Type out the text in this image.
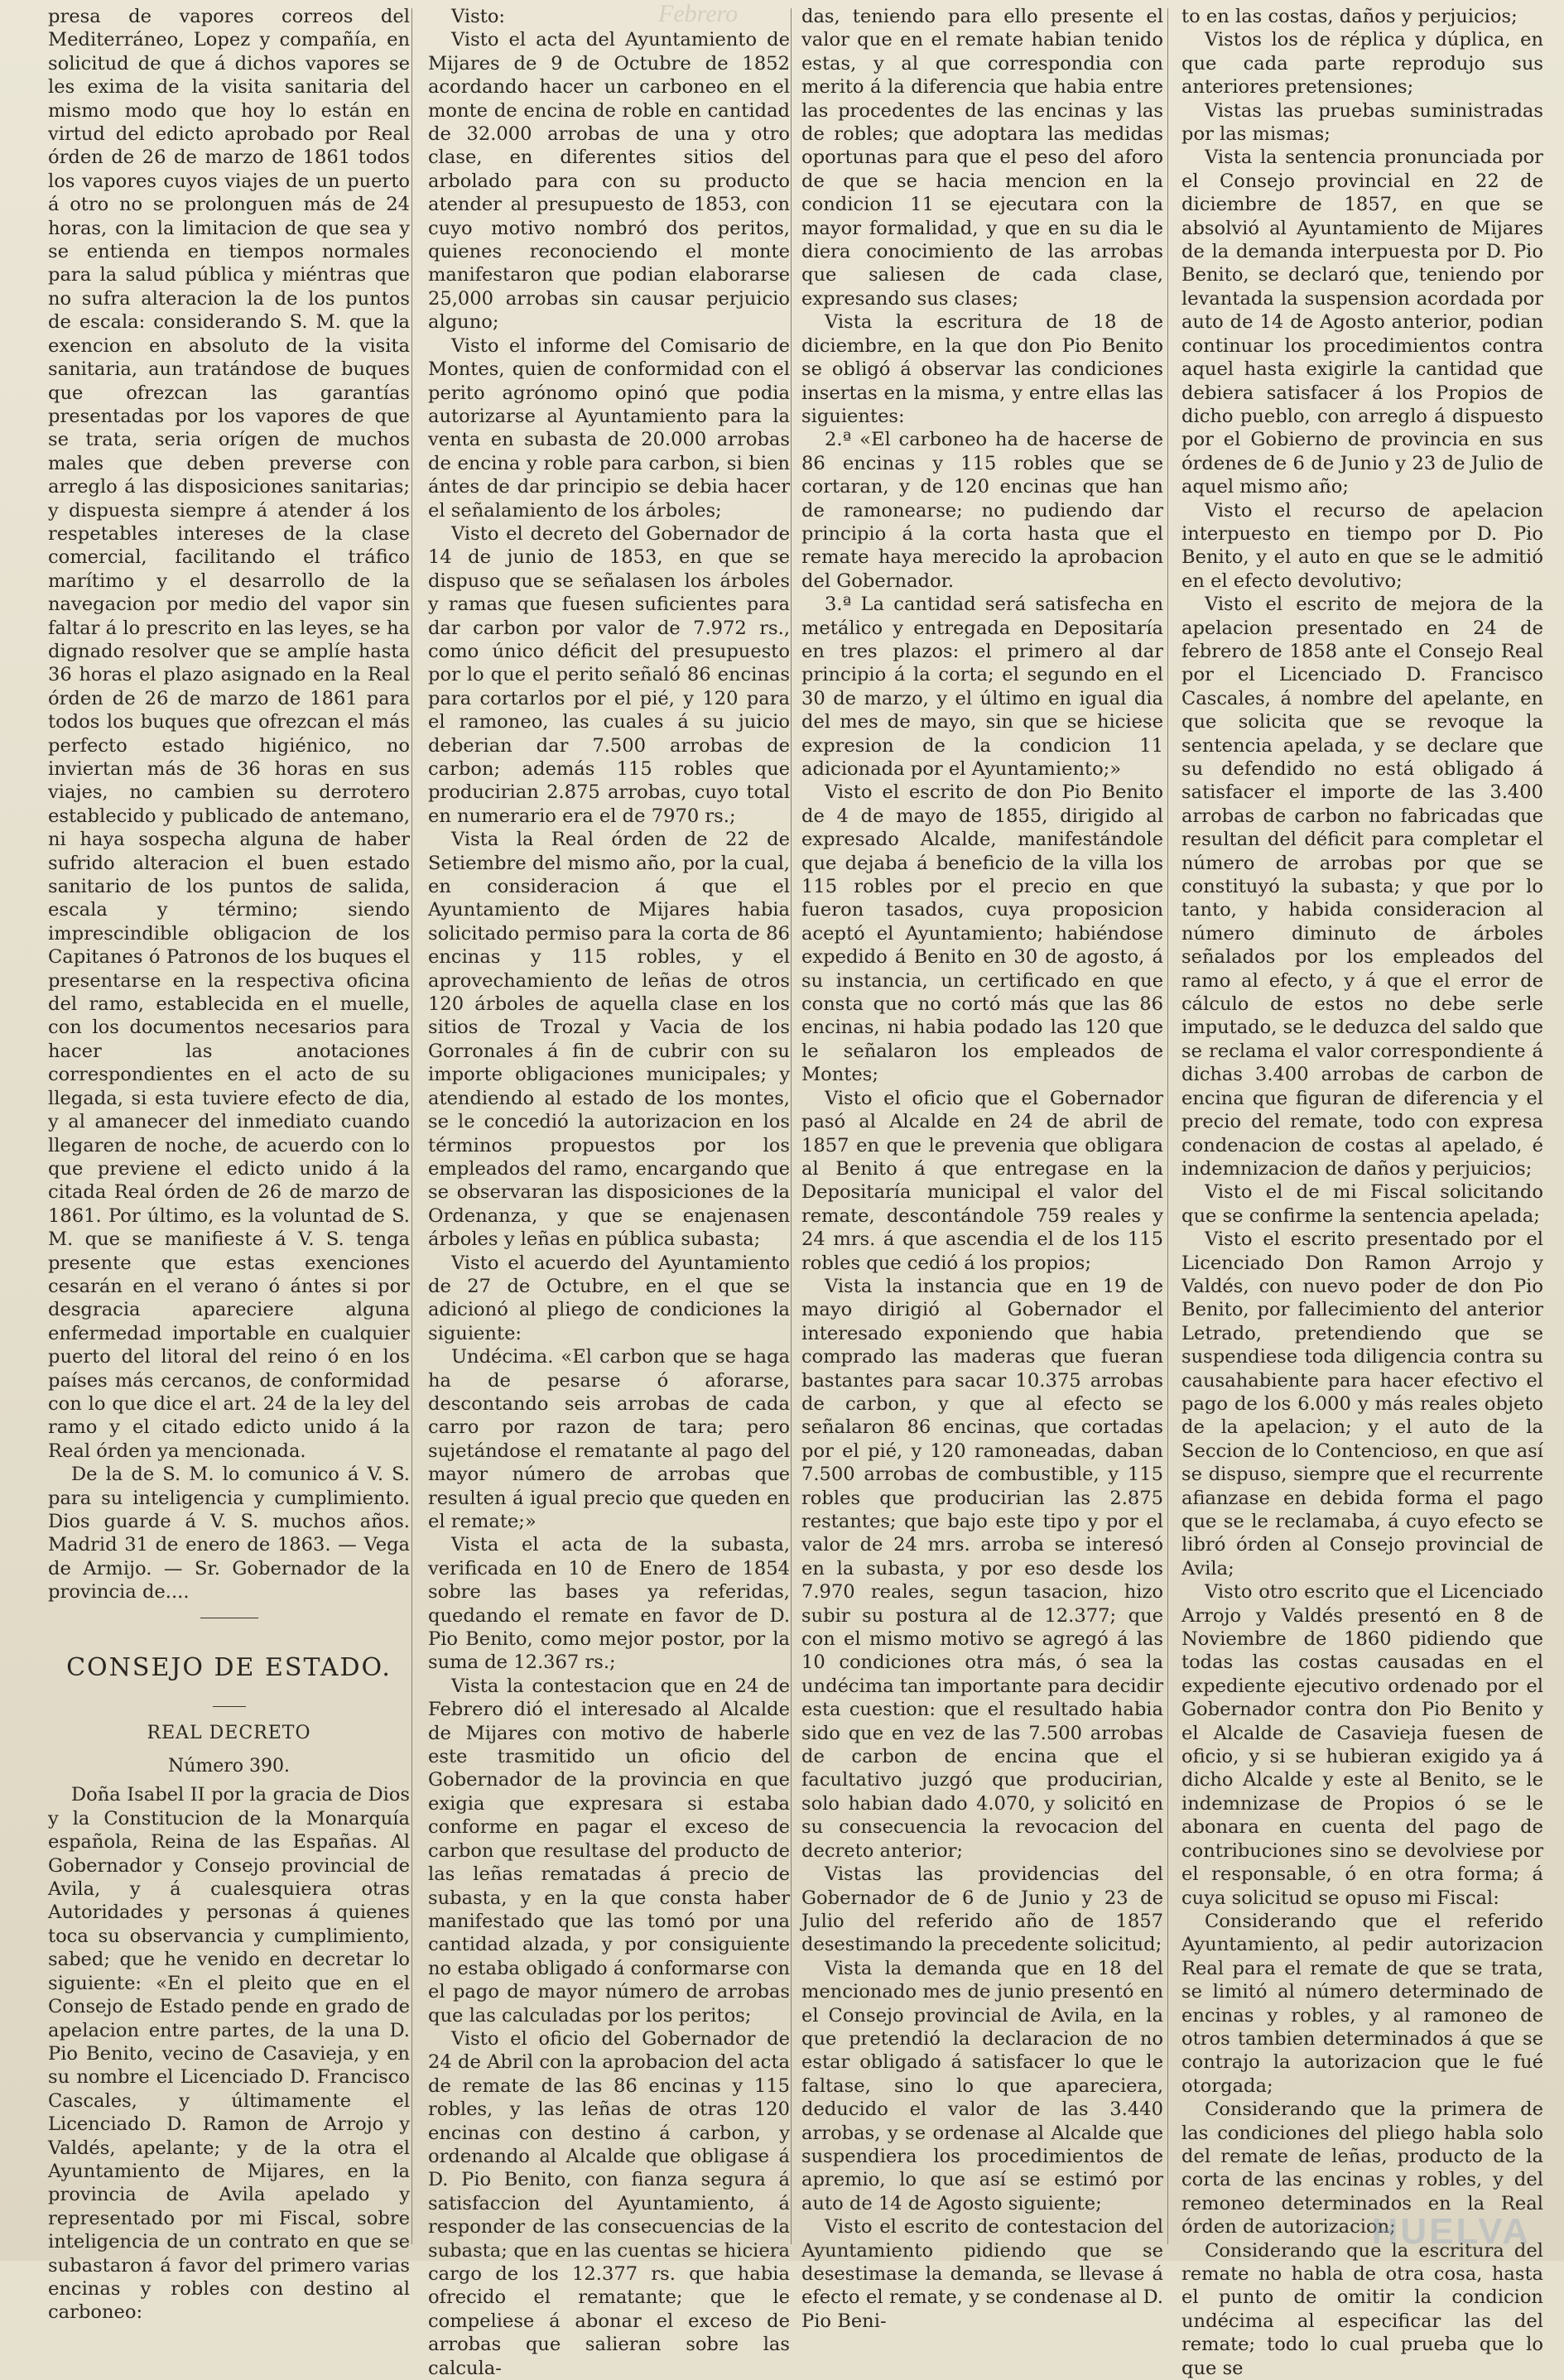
Febrero

presa de vapores correos del Mediterráneo, Lopez y compañía, en solicitud de que á dichos vapores se les exima de la visita sanitaria del mismo modo que hoy lo están en virtud del edicto aprobado por Real órden de 26 de marzo de 1861 todos los vapores cuyos viajes de un puerto á otro no se prolonguen más de 24 horas, con la limitacion de que sea y se entienda en tiempos normales para la salud pública y miéntras que no sufra alteracion la de los puntos de escala: considerando S. M. que la exencion en absoluto de la visita sanitaria, aun tratándose de buques que ofrezcan las garantías presentadas por los vapores de que se trata, seria orígen de muchos males que deben preverse con arreglo á las disposiciones sanitarias; y dispuesta siempre á atender á los respetables intereses de la clase comercial, facilitando el tráfico marítimo y el desarrollo de la navegacion por medio del vapor sin faltar á lo prescrito en las leyes, se ha dignado resolver que se amplíe hasta 36 horas el plazo asignado en la Real órden de 26 de marzo de 1861 para todos los buques que ofrezcan el más perfecto estado higiénico, no inviertan más de 36 horas en sus viajes, no cambien su derrotero establecido y publicado de antemano, ni haya sospecha alguna de haber sufrido alteracion el buen estado sanitario de los puntos de salida, escala y término; siendo imprescindible obligacion de los Capitanes ó Patronos de los buques el presentarse en la respectiva oficina del ramo, establecida en el muelle, con los documentos necesarios para hacer las anotaciones correspondientes en el acto de su llegada, si esta tuviere efecto de dia, y al amanecer del inmediato cuando llegaren de noche, de acuerdo con lo que previene el edicto unido á la citada Real órden de 26 de marzo de 1861. Por último, es la voluntad de S. M. que se manifieste á V. S. tenga presente que estas exenciones cesarán en el verano ó ántes si por desgracia apareciere alguna enfermedad importable en cualquier puerto del litoral del reino ó en los países más cercanos, de conformidad con lo que dice el art. 24 de la ley del ramo y el citado edicto unido á la Real órden ya mencionada.

De la de S. M. lo comunico á V. S. para su inteligencia y cumplimiento. Dios guarde á V. S. muchos años. Madrid 31 de enero de 1863. — Vega de Armijo. — Sr. Gobernador de la provincia de....

CONSEJO DE ESTADO.
REAL DECRETO
Número 390.

Doña Isabel II por la gracia de Dios y la Constitucion de la Monarquía española, Reina de las Españas. Al Gobernador y Consejo provincial de Avila, y á cualesquiera otras Autoridades y personas á quienes toca su observancia y cumplimiento, sabed; que he venido en decretar lo siguiente: «En el pleito que en el Consejo de Estado pende en grado de apelacion entre partes, de la una D. Pio Benito, vecino de Casavieja, y en su nombre el Licenciado D. Francisco Cascales, y últimamente el Licenciado D. Ramon de Arrojo y Valdés, apelante; y de la otra el Ayuntamiento de Mijares, en la provincia de Avila apelado y representado por mi Fiscal, sobre inteligencia de un contrato en que se subastaron á favor del primero varias encinas y robles con destino al carboneo:

Visto:

Visto el acta del Ayuntamiento de Mijares de 9 de Octubre de 1852 acordando hacer un carboneo en el monte de encina de roble en cantidad de 32.000 arrobas de una y otro clase, en diferentes sitios del arbolado para con su producto atender al presupuesto de 1853, con cuyo motivo nombró dos peritos, quienes reconociendo el monte manifestaron que podian elaborarse 25,000 arrobas sin causar perjuicio alguno;

Visto el informe del Comisario de Montes, quien de conformidad con el perito agrónomo opinó que podia autorizarse al Ayuntamiento para la venta en subasta de 20.000 arrobas de encina y roble para carbon, si bien ántes de dar principio se debia hacer el señalamiento de los árboles;

Visto el decreto del Gobernador de 14 de junio de 1853, en que se dispuso que se señalasen los árboles y ramas que fuesen suficientes para dar carbon por valor de 7.972 rs., como único déficit del presupuesto por lo que el perito señaló 86 encinas para cortarlos por el pié, y 120 para el ramoneo, las cuales á su juicio deberian dar 7.500 arrobas de carbon; además 115 robles que producirian 2.875 arrobas, cuyo total en numerario era el de 7970 rs.;

Vista la Real órden de 22 de Setiembre del mismo año, por la cual, en consideracion á que el Ayuntamiento de Mijares habia solicitado permiso para la corta de 86 encinas y 115 robles, y el aprovechamiento de leñas de otros 120 árboles de aquella clase en los sitios de Trozal y Vacia de los Gorronales á fin de cubrir con su importe obligaciones municipales; y atendiendo al estado de los montes, se le concedió la autorizacion en los términos propuestos por los empleados del ramo, encargando que se observaran las disposiciones de la Ordenanza, y que se enajenasen árboles y leñas en pública subasta;

Visto el acuerdo del Ayuntamiento de 27 de Octubre, en el que se adicionó al pliego de condiciones la siguiente:

Undécima. «El carbon que se haga ha de pesarse ó aforarse, descontando seis arrobas de cada carro por razon de tara; pero sujetándose el rematante al pago del mayor número de arrobas que resulten á igual precio que queden en el remate;»

Vista el acta de la subasta, verificada en 10 de Enero de 1854 sobre las bases ya referidas, quedando el remate en favor de D. Pio Benito, como mejor postor, por la suma de 12.367 rs.;

Vista la contestacion que en 24 de Febrero dió el interesado al Alcalde de Mijares con motivo de haberle este trasmitido un oficio del Gobernador de la provincia en que exigia que expresara si estaba conforme en pagar el exceso de carbon que resultase del producto de las leñas rematadas á precio de subasta, y en la que consta haber manifestado que las tomó por una cantidad alzada, y por consiguiente no estaba obligado á conformarse con el pago de mayor número de arrobas que las calculadas por los peritos;

Visto el oficio del Gobernador de 24 de Abril con la aprobacion del acta de remate de las 86 encinas y 115 robles, y las leñas de otras 120 encinas con destino á carbon, y ordenando al Alcalde que obligase á D. Pio Benito, con fianza segura á satisfaccion del Ayuntamiento, á responder de las consecuencias de la subasta; que en las cuentas se hiciera cargo de los 12.377 rs. que habia ofrecido el rematante; que le compeliese á abonar el exceso de arrobas que salieran sobre las calcula-

das, teniendo para ello presente el valor que en el remate habian tenido estas, y al que correspondia con merito á la diferencia que habia entre las procedentes de las encinas y las de robles; que adoptara las medidas oportunas para que el peso del aforo de que se hacia mencion en la condicion 11 se ejecutara con la mayor formalidad, y que en su dia le diera conocimiento de las arrobas que saliesen de cada clase, expresando sus clases;

Vista la escritura de 18 de diciembre, en la que don Pio Benito se obligó á observar las condiciones insertas en la misma, y entre ellas las siguientes:

2.ª «El carboneo ha de hacerse de 86 encinas y 115 robles que se cortaran, y de 120 encinas que han de ramonearse; no pudiendo dar principio á la corta hasta que el remate haya merecido la aprobacion del Gobernador.

3.ª La cantidad será satisfecha en metálico y entregada en Depositaría en tres plazos: el primero al dar principio á la corta; el segundo en el 30 de marzo, y el último en igual dia del mes de mayo, sin que se hiciese expresion de la condicion 11 adicionada por el Ayuntamiento;»

Visto el escrito de don Pio Benito de 4 de mayo de 1855, dirigido al expresado Alcalde, manifestándole que dejaba á beneficio de la villa los 115 robles por el precio en que fueron tasados, cuya proposicion aceptó el Ayuntamiento; habiéndose expedido á Benito en 30 de agosto, á su instancia, un certificado en que consta que no cortó más que las 86 encinas, ni habia podado las 120 que le señalaron los empleados de Montes;

Visto el oficio que el Gobernador pasó al Alcalde en 24 de abril de 1857 en que le prevenia que obligara al Benito á que entregase en la Depositaría municipal el valor del remate, descontándole 759 reales y 24 mrs. á que ascendia el de los 115 robles que cedió á los propios;

Vista la instancia que en 19 de mayo dirigió al Gobernador el interesado exponiendo que habia comprado las maderas que fueran bastantes para sacar 10.375 arrobas de carbon, y que al efecto se señalaron 86 encinas, que cortadas por el pié, y 120 ramoneadas, daban 7.500 arrobas de combustible, y 115 robles que producirian las 2.875 restantes; que bajo este tipo y por el valor de 24 mrs. arroba se interesó en la subasta, y por eso desde los 7.970 reales, segun tasacion, hizo subir su postura al de 12.377; que con el mismo motivo se agregó á las 10 condiciones otra más, ó sea la undécima tan importante para decidir esta cuestion: que el resultado habia sido que en vez de las 7.500 arrobas de carbon de encina que el facultativo juzgó que producirian, solo habian dado 4.070, y solicitó en su consecuencia la revocacion del decreto anterior;

Vistas las providencias del Gobernador de 6 de Junio y 23 de Julio del referido año de 1857 desestimando la precedente solicitud;

Vista la demanda que en 18 del mencionado mes de junio presentó en el Consejo provincial de Avila, en la que pretendió la declaracion de no estar obligado á satisfacer lo que le faltase, sino lo que apareciera, deducido el valor de las 3.440 arrobas, y se ordenase al Alcalde que suspendiera los procedimientos de apremio, lo que así se estimó por auto de 14 de Agosto siguiente;

Visto el escrito de contestacion del Ayuntamiento pidiendo que se desestimase la demanda, se llevase á efecto el remate, y se condenase al D. Pio Beni-

to en las costas, daños y perjuicios;

Vistos los de réplica y dúplica, en que cada parte reprodujo sus anteriores pretensiones;

Vistas las pruebas suministradas por las mismas;

Vista la sentencia pronunciada por el Consejo provincial en 22 de diciembre de 1857, en que se absolvió al Ayuntamiento de Mijares de la demanda interpuesta por D. Pio Benito, se declaró que, teniendo por levantada la suspension acordada por auto de 14 de Agosto anterior, podian continuar los procedimientos contra aquel hasta exigirle la cantidad que debiera satisfacer á los Propios de dicho pueblo, con arreglo á dispuesto por el Gobierno de provincia en sus órdenes de 6 de Junio y 23 de Julio de aquel mismo año;

Visto el recurso de apelacion interpuesto en tiempo por D. Pio Benito, y el auto en que se le admitió en el efecto devolutivo;

Visto el escrito de mejora de la apelacion presentado en 24 de febrero de 1858 ante el Consejo Real por el Licenciado D. Francisco Cascales, á nombre del apelante, en que solicita que se revoque la sentencia apelada, y se declare que su defendido no está obligado á satisfacer el importe de las 3.400 arrobas de carbon no fabricadas que resultan del déficit para completar el número de arrobas por que se constituyó la subasta; y que por lo tanto, y habida consideracion al número diminuto de árboles señalados por los empleados del ramo al efecto, y á que el error de cálculo de estos no debe serle imputado, se le deduzca del saldo que se reclama el valor correspondiente á dichas 3.400 arrobas de carbon de encina que figuran de diferencia y el precio del remate, todo con expresa condenacion de costas al apelado, é indemnizacion de daños y perjuicios;

Visto el de mi Fiscal solicitando que se confirme la sentencia apelada;

Visto el escrito presentado por el Licenciado Don Ramon Arrojo y Valdés, con nuevo poder de don Pio Benito, por fallecimiento del anterior Letrado, pretendiendo que se suspendiese toda diligencia contra su causahabiente para hacer efectivo el pago de los 6.000 y más reales objeto de la apelacion; y el auto de la Seccion de lo Contencioso, en que así se dispuso, siempre que el recurrente afianzase en debida forma el pago que se le reclamaba, á cuyo efecto se libró órden al Consejo provincial de Avila;

Visto otro escrito que el Licenciado Arrojo y Valdés presentó en 8 de Noviembre de 1860 pidiendo que todas las costas causadas en el expediente ejecutivo ordenado por el Gobernador contra don Pio Benito y el Alcalde de Casavieja fuesen de oficio, y si se hubieran exigido ya á dicho Alcalde y este al Benito, se le indemnizase de Propios ó se le abonara en cuenta del pago de contribuciones sino se devolviese por el responsable, ó en otra forma; á cuya solicitud se opuso mi Fiscal:

Considerando que el referido Ayuntamiento, al pedir autorizacion Real para el remate de que se trata, se limitó al número determinado de encinas y robles, y al ramoneo de otros tambien determinados á que se contrajo la autorizacion que le fué otorgada;

Considerando que la primera de las condiciones del pliego habla solo del remate de leñas, producto de la corta de las encinas y robles, y del remoneo determinados en la Real órden de autorizacion;

Considerando que la escritura del remate no habla de otra cosa, hasta el punto de omitir la condicion undécima al especificar las del remate; todo lo cual prueba que lo que se

HUELVA
